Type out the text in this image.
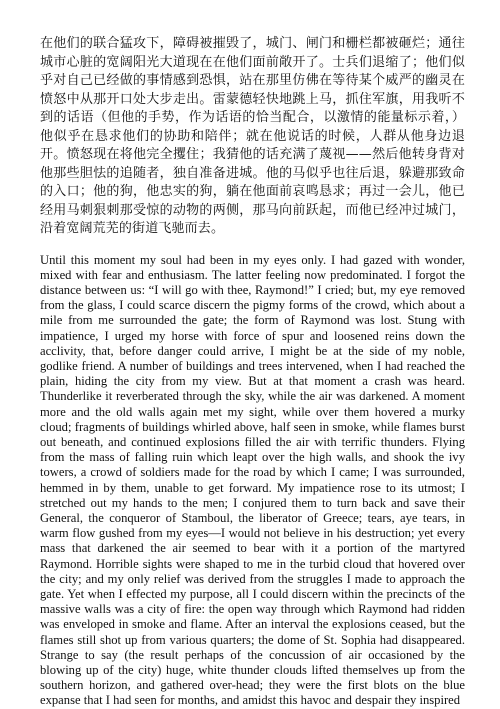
在他们的联合猛攻下，障碍被摧毁了，城门、闸门和栅栏都被砸烂；通往城市心脏的宽阔阳光大道现在在他们面前敞开了。士兵们退缩了；他们似乎对自己已经做的事情感到恐惧，站在那里仿佛在等待某个威严的幽灵在愤怒中从那开口处大步走出。雷蒙德轻快地跳上马，抓住军旗，用我听不到的话语（但他的手势，作为话语的恰当配合，以激情的能量标示着，）他似乎在恳求他们的协助和陪伴；就在他说话的时候，人群从他身边退开。愤怒现在将他完全攫住；我猜他的话充满了蔑视——然后他转身背对他那些胆怯的追随者，独自准备进城。他的马似乎也往后退，躲避那致命的入口；他的狗，他忠实的狗，躺在他面前哀鸣恳求；再过一会儿，他已经用马刺狠刺那受惊的动物的两侧，那马向前跃起，而他已经冲过城门，沿着宽阔荒芜的街道飞驰而去。

Until this moment my soul had been in my eyes only. I had gazed with wonder, mixed with fear and enthusiasm. The latter feeling now predominated. I forgot the distance between us: “I will go with thee, Raymond!” I cried; but, my eye removed from the glass, I could scarce discern the pigmy forms of the crowd, which about a mile from me surrounded the gate; the form of Raymond was lost. Stung with impatience, I urged my horse with force of spur and loosened reins down the acclivity, that, before danger could arrive, I might be at the side of my noble, godlike friend. A number of buildings and trees intervened, when I had reached the plain, hiding the city from my view. But at that moment a crash was heard. Thunderlike it reverberated through the sky, while the air was darkened. A moment more and the old walls again met my sight, while over them hovered a murky cloud; fragments of buildings whirled above, half seen in smoke, while flames burst out beneath, and continued explosions filled the air with terrific thunders. Flying from the mass of falling ruin which leapt over the high walls, and shook the ivy towers, a crowd of soldiers made for the road by which I came; I was surrounded, hemmed in by them, unable to get forward. My impatience rose to its utmost; I stretched out my hands to the men; I conjured them to turn back and save their General, the conqueror of Stamboul, the liberator of Greece; tears, aye tears, in warm flow gushed from my eyes—I would not believe in his destruction; yet every mass that darkened the air seemed to bear with it a portion of the martyred Raymond. Horrible sights were shaped to me in the turbid cloud that hovered over the city; and my only relief was derived from the struggles I made to approach the gate. Yet when I effected my purpose, all I could discern within the precincts of the massive walls was a city of fire: the open way through which Raymond had ridden was enveloped in smoke and flame. After an interval the explosions ceased, but the flames still shot up from various quarters; the dome of St. Sophia had disappeared. Strange to say (the result perhaps of the concussion of air occasioned by the blowing up of the city) huge, white thunder clouds lifted themselves up from the southern horizon, and gathered over-head; they were the first blots on the blue expanse that I had seen for months, and amidst this havoc and despair they inspired
